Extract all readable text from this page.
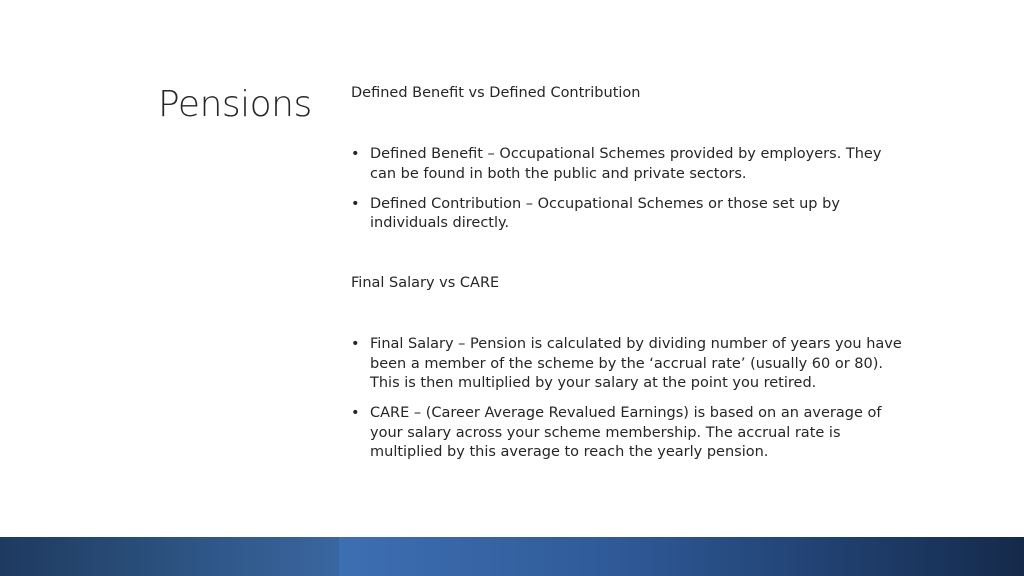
Pensions	Defined Benefit vs Defined Contribution
• Defined Benefit – Occupational Schemes provided by employers. They can be found in both the public and private sectors.
• Defined Contribution – Occupational Schemes or those set up by individuals directly.
Final Salary vs CARE
• Final Salary – Pension is calculated by dividing number of years you have been a member of the scheme by the ‘accrual rate’ (usually 60 or 80). This is then multiplied by your salary at the point you retired.
• CARE – (Career Average Revalued Earnings) is based on an average of your salary across your scheme membership. The accrual rate is multiplied by this average to reach the yearly pension.
